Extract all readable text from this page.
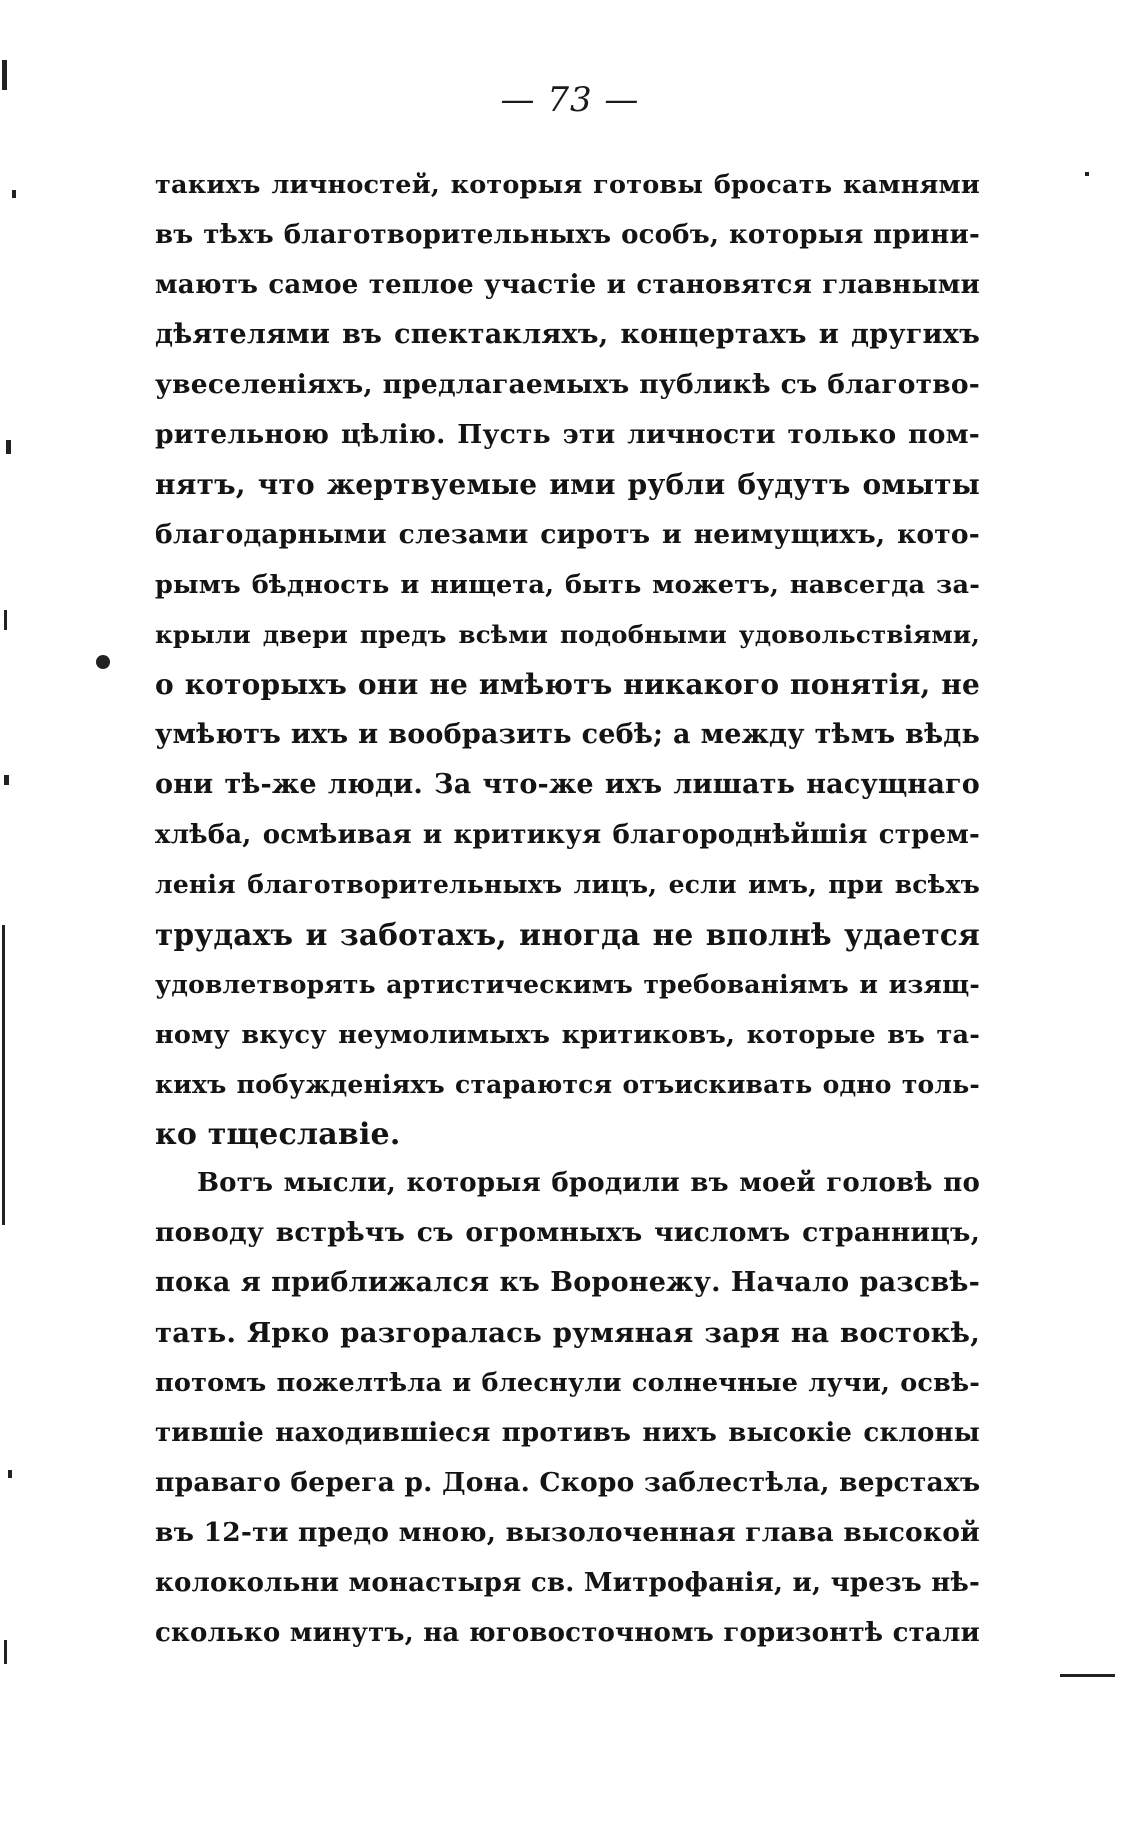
— 73 —
такихъ личностей, которыя готовы бросать камнями
въ тѣхъ благотворительныхъ особъ, которыя прини-
маютъ самое теплое участіе и становятся главными
дѣятелями въ спектакляхъ, концертахъ и другихъ
увеселеніяхъ, предлагаемыхъ публикѣ съ благотво-
рительною цѣлію. Пусть эти личности только пом-
нятъ, что жертвуемые ими рубли будутъ омыты
благодарными слезами сиротъ и неимущихъ, кото-
рымъ бѣдность и нищета, быть можетъ, навсегда за-
крыли двери предъ всѣми подобными удовольствіями,
о которыхъ они не имѣютъ никакого понятія, не
умѣютъ ихъ и вообразить себѣ; а между тѣмъ вѣдь
они тѣ-же люди. За что-же ихъ лишать насущнаго
хлѣба, осмѣивая и критикуя благороднѣйшія стрем-
ленія благотворительныхъ лицъ, если имъ, при всѣхъ
трудахъ и заботахъ, иногда не вполнѣ удается
удовлетворять артистическимъ требованіямъ и изящ-
ному вкусу неумолимыхъ критиковъ, которые въ та-
кихъ побужденіяхъ стараются отъискивать одно толь-
ко тщеславіе.
Вотъ мысли, которыя бродили въ моей головѣ по
поводу встрѣчъ съ огромныхъ числомъ странницъ,
пока я приближался къ Воронежу. Начало разсвѣ-
тать. Ярко разгоралась румяная заря на востокѣ,
потомъ пожелтѣла и блеснули солнечные лучи, освѣ-
тившіе находившіеся противъ нихъ высокіе склоны
праваго берега р. Дона. Скоро заблестѣла, верстахъ
въ 12-ти предо мною, вызолоченная глава высокой
колокольни монастыря св. Митрофанія, и, чрезъ нѣ-
сколько минутъ, на юговосточномъ горизонтѣ стали
